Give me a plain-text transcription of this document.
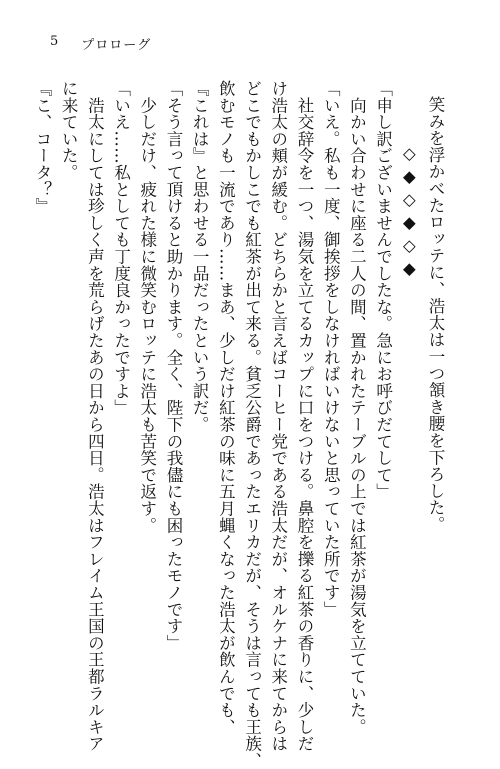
5 プロローグ
笑みを浮かべたロッテに、浩太は一つ頷き腰を下ろした。
◇◆◇◆◇◆
「申し訳ございませんでしたな。急にお呼びだてして」
　向かい合わせに座る二人の間、置かれたテーブルの上では紅茶が湯気を立てていた。
「いえ。私も一度、御挨拶をしなければいけないと思っていた所です」
　社交辞令を一つ、湯気を立てるカップに口をつける。鼻腔を擽る紅茶の香りに、少しだ
け浩太の頬が緩む。どちらかと言えばコーヒー党である浩太だが、オルケナに来てからは
どこでもかしこでも紅茶が出て来る。貧乏公爵であったエリカだが、そうは言っても王族、
飲むモノも一流であり……まあ、少しだけ紅茶の味に五月蝿くなった浩太が飲んでも、
『これは』と思わせる一品だったという訳だ。
「そう言って頂けると助かります。全く、陛下の我儘にも困ったモノです」
　少しだけ、疲れた様に微笑むロッテに浩太も苦笑で返す。
「いえ……私としても丁度良かったですよ」
　浩太にしては珍しく声を荒らげたあの日から四日。浩太はフレイム王国の王都ラルキア
に来ていた。
『こ、コータ？』
